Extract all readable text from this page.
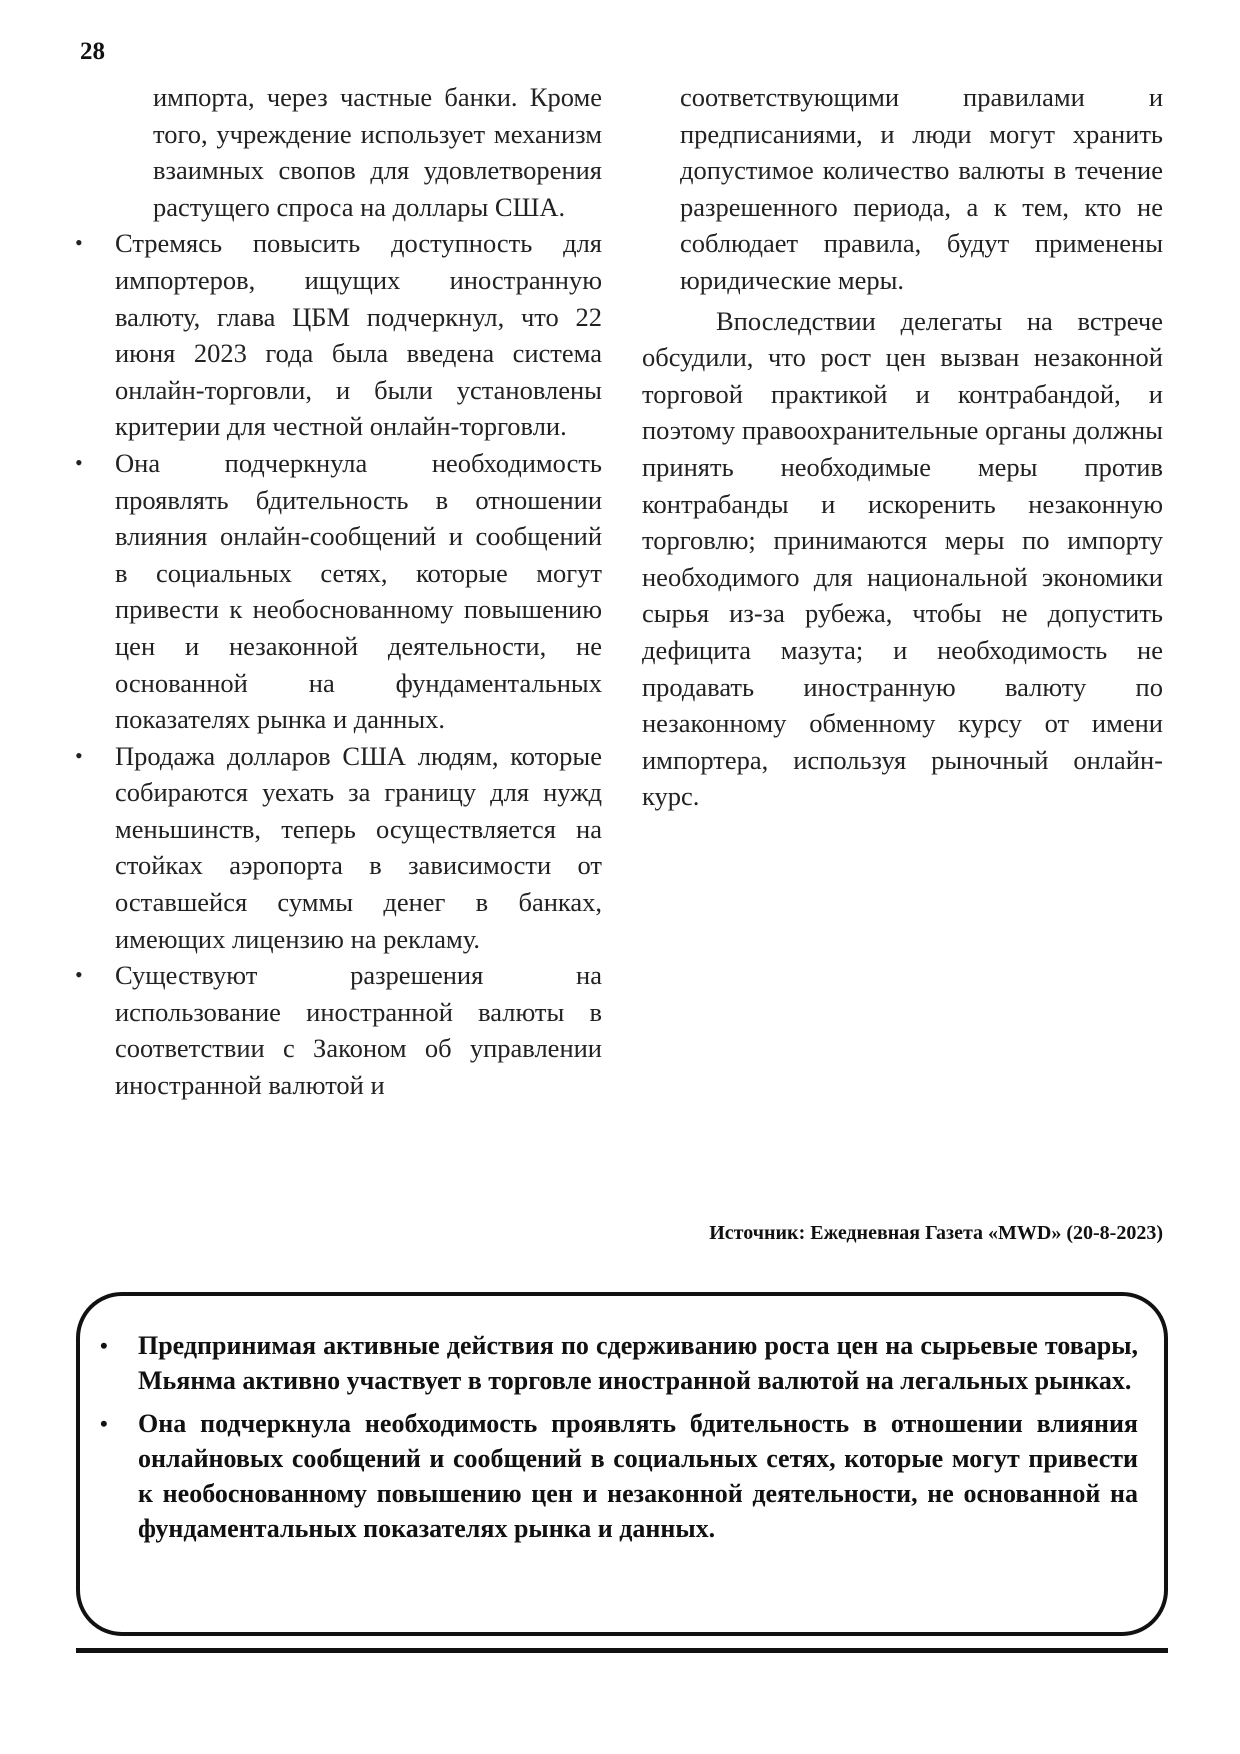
28

импорта, через частные банки. Кроме того, учреждение использует механизм взаимных свопов для удовлетворения растущего спроса на доллары США.

• Стремясь повысить доступность для импортеров, ищущих иностранную валюту, глава ЦБМ подчеркнул, что 22 июня 2023 года была введена система онлайн-торговли, и были установлены критерии для честной онлайн-торговли.
• Она подчеркнула необходимость проявлять бдительность в отношении влияния онлайн-сообщений и сообщений в социальных сетях, которые могут привести к необоснованному повышению цен и незаконной деятельности, не основанной на фундаментальных показателях рынка и данных.
• Продажа долларов США людям, которые собираются уехать за границу для нужд меньшинств, теперь осуществляется на стойках аэропорта в зависимости от оставшейся суммы денег в банках, имеющих лицензию на рекламу.
• Существуют разрешения на использование иностранной валюты в соответствии с Законом об управлении иностранной валютой и

соответствующими правилами и предписаниями, и люди могут хранить допустимое количество валюты в течение разрешенного периода, а к тем, кто не соблюдает правила, будут применены юридические меры.

Впоследствии делегаты на встрече обсудили, что рост цен вызван незаконной торговой практикой и контрабандой, и поэтому правоохранительные органы должны принять необходимые меры против контрабанды и искоренить незаконную торговлю; принимаются меры по импорту необходимого для национальной экономики сырья из-за рубежа, чтобы не допустить дефицита мазута; и необходимость не продавать иностранную валюту по незаконному обменному курсу от имени импортера, используя рыночный онлайн-курс.

Источник: Ежедневная Газета «MWD» (20-8-2023)
• Предпринимая активные действия по сдерживанию роста цен на сырьевые товары, Мьянма активно участвует в торговле иностранной валютой на легальных рынках.
• Она подчеркнула необходимость проявлять бдительность в отношении влияния онлайновых сообщений и сообщений в социальных сетях, которые могут привести к необоснованному повышению цен и незаконной деятельности, не основанной на фундаментальных показателях рынка и данных.
